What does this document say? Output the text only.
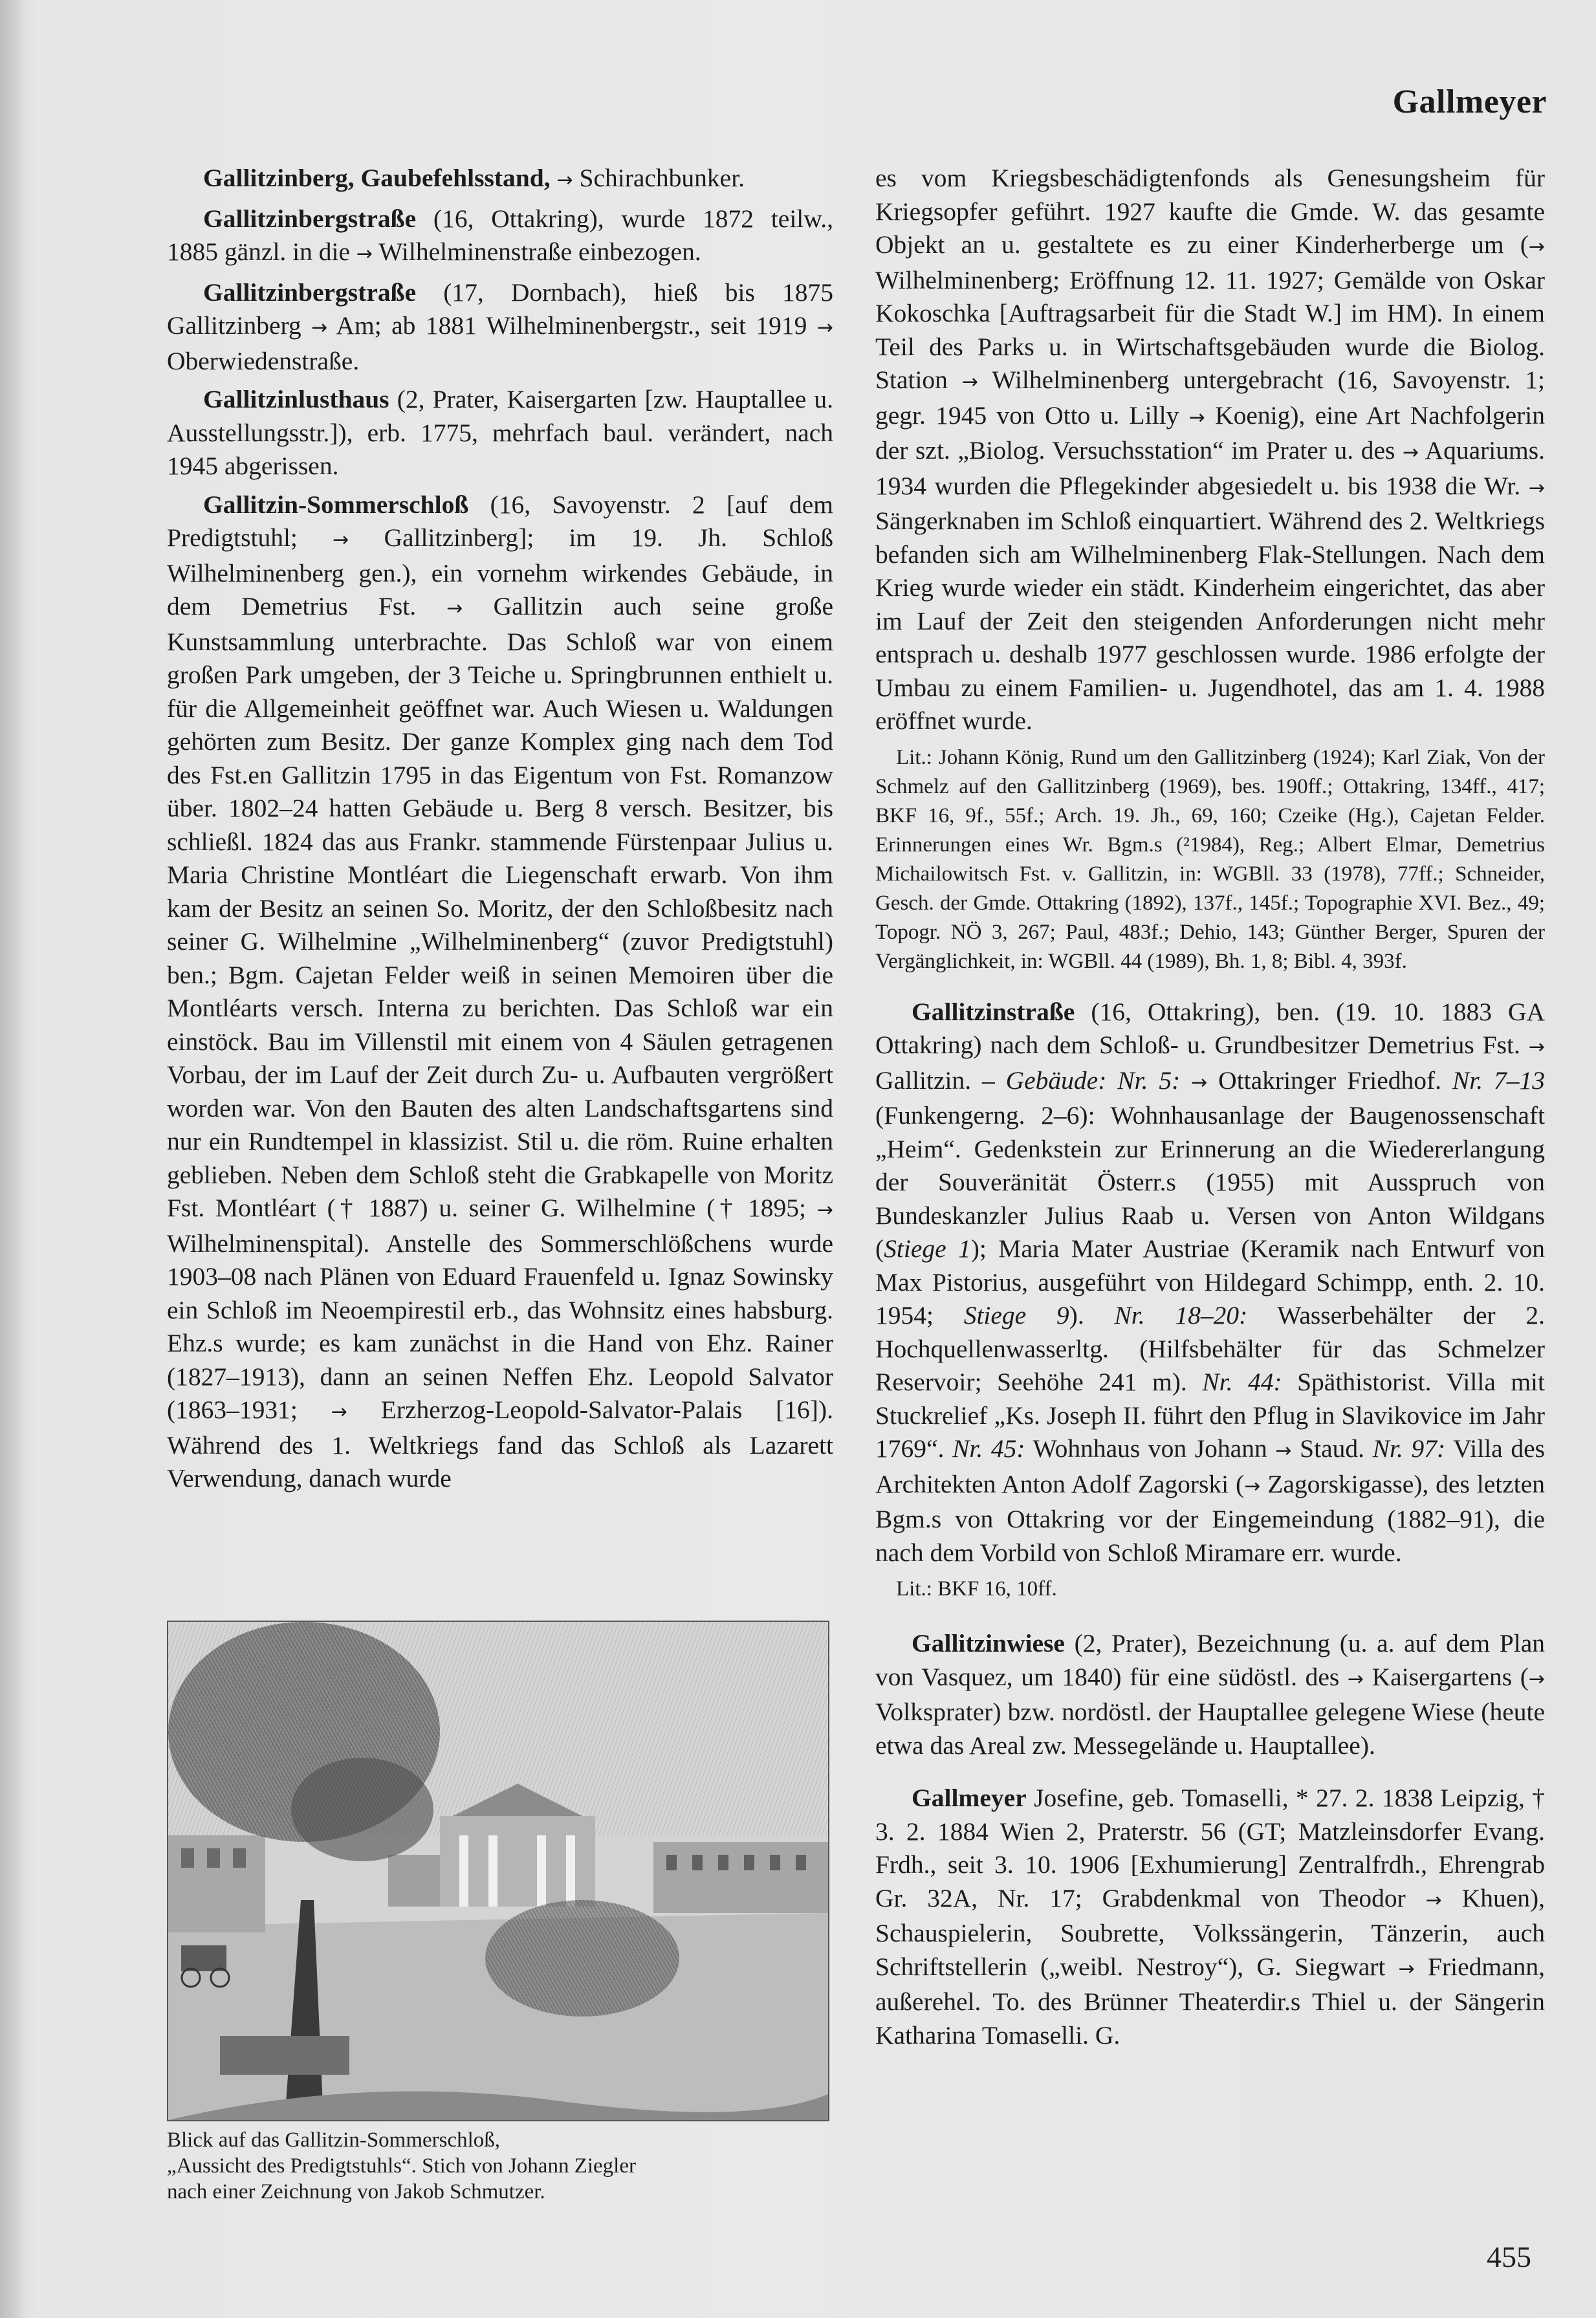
Gallmeyer

Gallitzinberg, Gaubefehlsstand, → Schirachbunker.

Gallitzinbergstraße (16, Ottakring), wurde 1872 teilw., 1885 gänzl. in die → Wilhelminenstraße einbezogen.

Gallitzinbergstraße (17, Dornbach), hieß bis 1875 Gallitzinberg → Am; ab 1881 Wilhelminenbergstr., seit 1919 → Oberwiedenstraße.

Gallitzinlusthaus (2, Prater, Kaisergarten [zw. Hauptallee u. Ausstellungsstr.]), erb. 1775, mehrfach baul. verändert, nach 1945 abgerissen.

Gallitzin-Sommerschloß (16, Savoyenstr. 2 [auf dem Predigtstuhl; → Gallitzinberg]; im 19. Jh. Schloß Wilhelminenberg gen.), ein vornehm wirkendes Gebäude, in dem Demetrius Fst. → Gallitzin auch seine große Kunstsammlung unterbrachte. Das Schloß war von einem großen Park umgeben, der 3 Teiche u. Springbrunnen enthielt u. für die Allgemeinheit geöffnet war. Auch Wiesen u. Waldungen gehörten zum Besitz. Der ganze Komplex ging nach dem Tod des Fst.en Gallitzin 1795 in das Eigentum von Fst. Romanzow über. 1802–24 hatten Gebäude u. Berg 8 versch. Besitzer, bis schließl. 1824 das aus Frankr. stammende Fürstenpaar Julius u. Maria Christine Montléart die Liegenschaft erwarb. Von ihm kam der Besitz an seinen So. Moritz, der den Schloßbesitz nach seiner G. Wilhelmine „Wilhelminenberg“ (zuvor Predigtstuhl) ben.; Bgm. Cajetan Felder weiß in seinen Memoiren über die Montléarts versch. Interna zu berichten. Das Schloß war ein einstöck. Bau im Villenstil mit einem von 4 Säulen getragenen Vorbau, der im Lauf der Zeit durch Zu- u. Aufbauten vergrößert worden war. Von den Bauten des alten Landschaftsgartens sind nur ein Rundtempel in klassizist. Stil u. die röm. Ruine erhalten geblieben. Neben dem Schloß steht die Grabkapelle von Moritz Fst. Montléart († 1887) u. seiner G. Wilhelmine († 1895; → Wilhelminenspital). Anstelle des Sommerschlößchens wurde 1903–08 nach Plänen von Eduard Frauenfeld u. Ignaz Sowinsky ein Schloß im Neoempirestil erb., das Wohnsitz eines habsburg. Ehz.s wurde; es kam zunächst in die Hand von Ehz. Rainer (1827–1913), dann an seinen Neffen Ehz. Leopold Salvator (1863–1931; → Erzherzog-Leopold-Salvator-Palais [16]). Während des 1. Weltkriegs fand das Schloß als Lazarett Verwendung, danach wurde

Blick auf das Gallitzin-Sommerschloß,
„Aussicht des Predigtstuhls“. Stich von Johann Ziegler
nach einer Zeichnung von Jakob Schmutzer.

es vom Kriegsbeschädigtenfonds als Genesungsheim für Kriegsopfer geführt. 1927 kaufte die Gmde. W. das gesamte Objekt an u. gestaltete es zu einer Kinderherberge um (→ Wilhelminenberg; Eröffnung 12. 11. 1927; Gemälde von Oskar Kokoschka [Auftragsarbeit für die Stadt W.] im HM). In einem Teil des Parks u. in Wirtschaftsgebäuden wurde die Biolog. Station → Wilhelminenberg untergebracht (16, Savoyenstr. 1; gegr. 1945 von Otto u. Lilly → Koenig), eine Art Nachfolgerin der szt. „Biolog. Versuchsstation“ im Prater u. des → Aquariums. 1934 wurden die Pflegekinder abgesiedelt u. bis 1938 die Wr. → Sängerknaben im Schloß einquartiert. Während des 2. Weltkriegs befanden sich am Wilhelminenberg Flak-Stellungen. Nach dem Krieg wurde wieder ein städt. Kinderheim eingerichtet, das aber im Lauf der Zeit den steigenden Anforderungen nicht mehr entsprach u. deshalb 1977 geschlossen wurde. 1986 erfolgte der Umbau zu einem Familien- u. Jugendhotel, das am 1. 4. 1988 eröffnet wurde.

Lit.: Johann König, Rund um den Gallitzinberg (1924); Karl Ziak, Von der Schmelz auf den Gallitzinberg (1969), bes. 190ff.; Ottakring, 134ff., 417; BKF 16, 9f., 55f.; Arch. 19. Jh., 69, 160; Czeike (Hg.), Cajetan Felder. Erinnerungen eines Wr. Bgm.s (²1984), Reg.; Albert Elmar, Demetrius Michailowitsch Fst. v. Gallitzin, in: WGBll. 33 (1978), 77ff.; Schneider, Gesch. der Gmde. Ottakring (1892), 137f., 145f.; Topographie XVI. Bez., 49; Topogr. NÖ 3, 267; Paul, 483f.; Dehio, 143; Günther Berger, Spuren der Vergänglichkeit, in: WGBll. 44 (1989), Bh. 1, 8; Bibl. 4, 393f.

Gallitzinstraße (16, Ottakring), ben. (19. 10. 1883 GA Ottakring) nach dem Schloß- u. Grundbesitzer Demetrius Fst. → Gallitzin. – Gebäude: Nr. 5: → Ottakringer Friedhof. Nr. 7–13 (Funkengerng. 2–6): Wohnhausanlage der Baugenossenschaft „Heim“. Gedenkstein zur Erinnerung an die Wiedererlangung der Souveränität Österr.s (1955) mit Ausspruch von Bundeskanzler Julius Raab u. Versen von Anton Wildgans (Stiege 1); Maria Mater Austriae (Keramik nach Entwurf von Max Pistorius, ausgeführt von Hildegard Schimpp, enth. 2. 10. 1954; Stiege 9). Nr. 18–20: Wasserbehälter der 2. Hochquellenwasserltg. (Hilfsbehälter für das Schmelzer Reservoir; Seehöhe 241 m). Nr. 44: Späthistorist. Villa mit Stuckrelief „Ks. Joseph II. führt den Pflug in Slavikovice im Jahr 1769“. Nr. 45: Wohnhaus von Johann → Staud. Nr. 97: Villa des Architekten Anton Adolf Zagorski (→ Zagorskigasse), des letzten Bgm.s von Ottakring vor der Eingemeindung (1882–91), die nach dem Vorbild von Schloß Miramare err. wurde.

Lit.: BKF 16, 10ff.

Gallitzinwiese (2, Prater), Bezeichnung (u. a. auf dem Plan von Vasquez, um 1840) für eine südöstl. des → Kaisergartens (→ Volksprater) bzw. nordöstl. der Hauptallee gelegene Wiese (heute etwa das Areal zw. Messegelände u. Hauptallee).

Gallmeyer Josefine, geb. Tomaselli, * 27. 2. 1838 Leipzig, † 3. 2. 1884 Wien 2, Praterstr. 56 (GT; Matzleinsdorfer Evang. Frdh., seit 3. 10. 1906 [Exhumierung] Zentralfrdh., Ehrengrab Gr. 32A, Nr. 17; Grabdenkmal von Theodor → Khuen), Schauspielerin, Soubrette, Volkssängerin, Tänzerin, auch Schriftstellerin („weibl. Nestroy“), G. Siegwart → Friedmann, außerehel. To. des Brünner Theaterdir.s Thiel u. der Sängerin Katharina Tomaselli. G.

455
